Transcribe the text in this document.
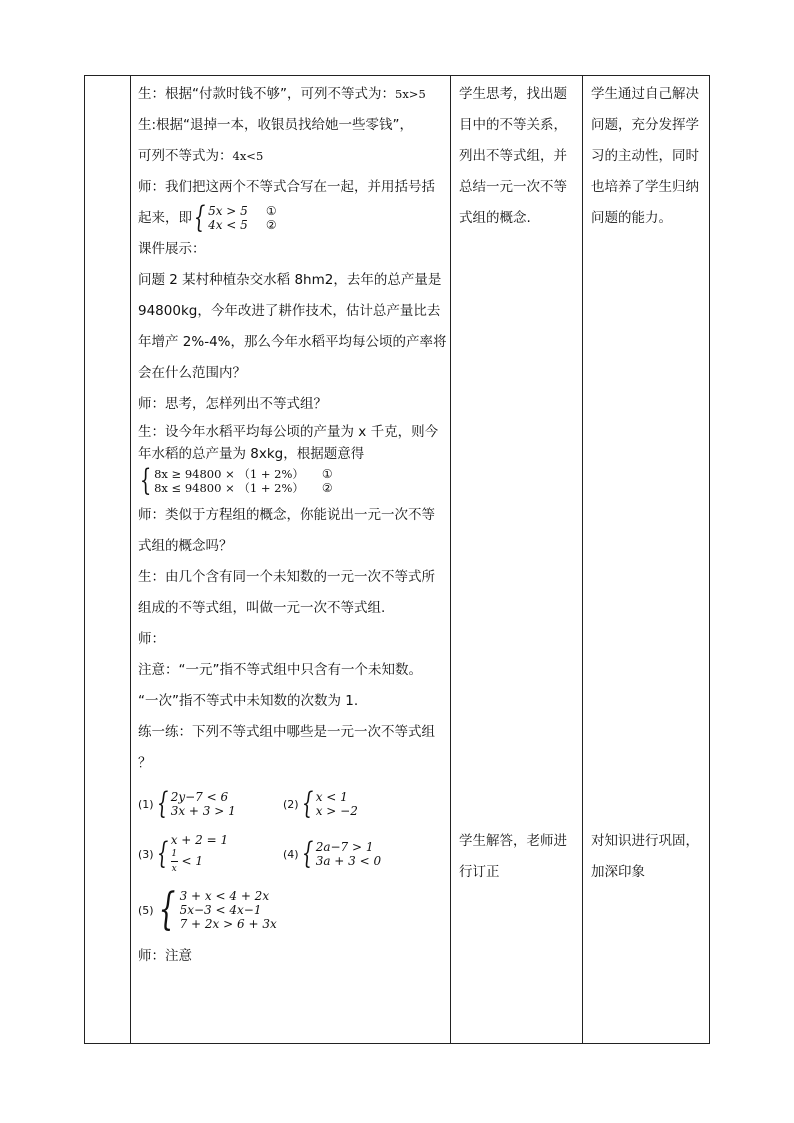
生：根据“付款时钱不够”，可列不等式为：5x>5

生:根据“退掉一本，收银员找给她一些零钱”，

可列不等式为：4x<5

师：我们把这两个不等式合写在一起，并用括号括

起来，即 { 5x > 5 ①
4x < 5 ②

课件展示：

问题 2 某村种植杂交水稻 8hm2，去年的总产量是

94800kg，今年改进了耕作技术，估计总产量比去

年增产 2%-4%，那么今年水稻平均每公顷的产率将

会在什么范围内？

师：思考，怎样列出不等式组？

生：设今年水稻平均每公顷的产量为 x 千克，则今

年水稻的总产量为 8xkg，根据题意得

{ 8x ≥ 94800 × （1 + 2%） ①
8x ≤ 94800 × （1 + 2%） ②

师：类似于方程组的概念，你能说出一元一次不等

式组的概念吗？

生：由几个含有同一个未知数的一元一次不等式所

组成的不等式组，叫做一元一次不等式组.

师：

注意：“一元”指不等式组中只含有一个未知数。

“一次”指不等式中未知数的次数为 1.

练一练：下列不等式组中哪些是一元一次不等式组

？

(1) { 2y−7 < 6
3x + 3 > 1	(2) { x < 1
x > −2
(3) { x + 2 = 1
$\frac{1}{x} < 1$	(4) { 2a−7 > 1
3a + 3 < 0
(5) { 3 + x < 4 + 2x
5x−3 < 4x−1
7 + 2x > 6 + 3x

师：注意

学生思考，找出题目中的不等关系，列出不等式组，并总结一元一次不等式组的概念.

学生解答，老师进行订正

学生通过自己解决问题，充分发挥学习的主动性，同时也培养了学生归纳问题的能力。

对知识进行巩固，加深印象
